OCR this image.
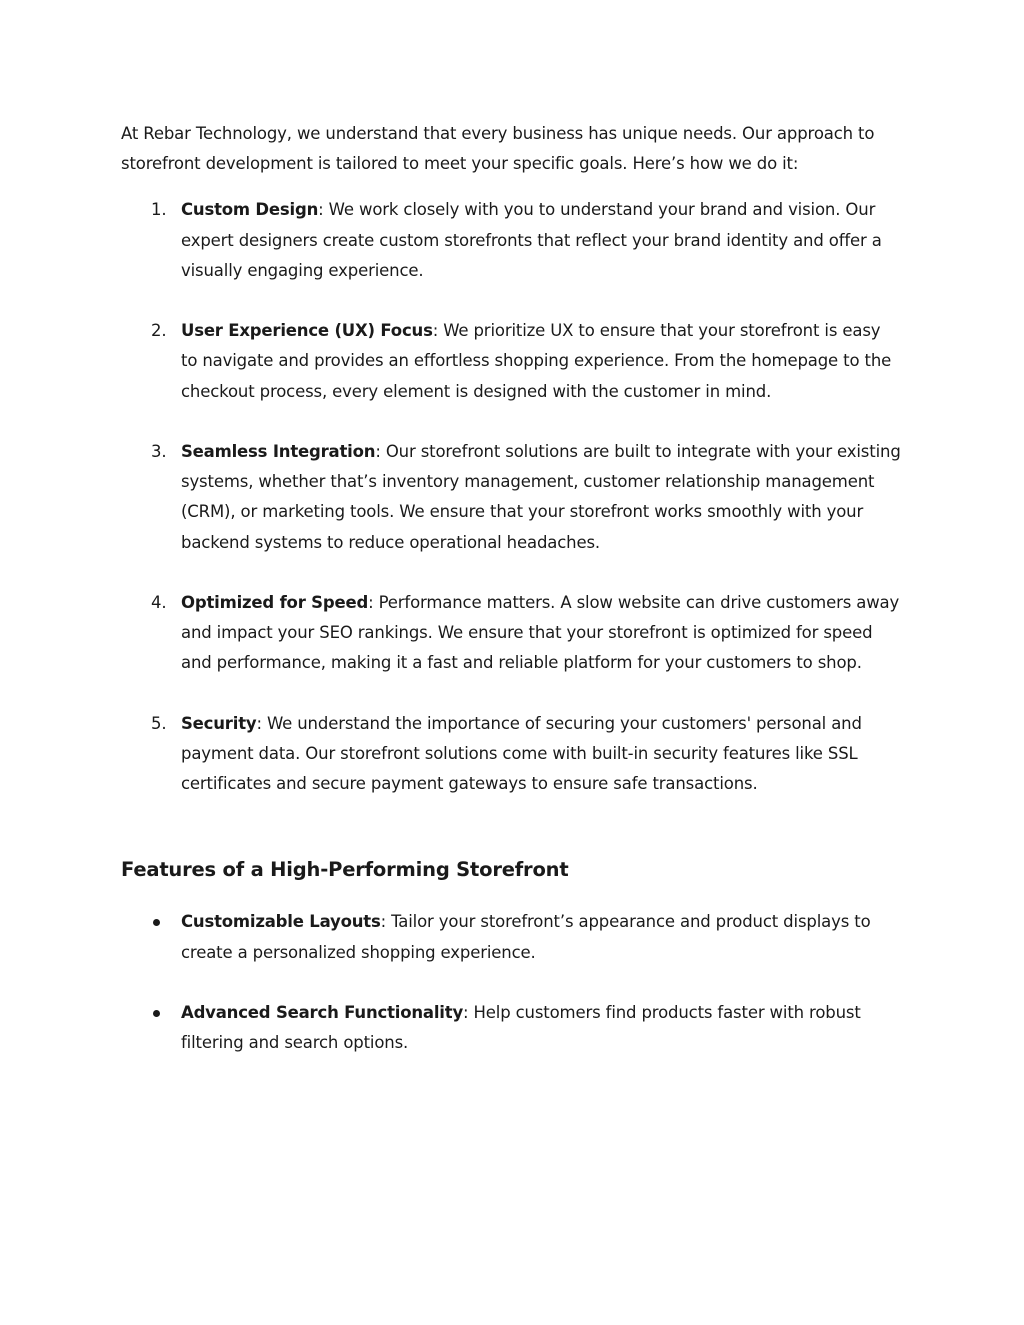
At Rebar Technology, we understand that every business has unique needs. Our approach to storefront development is tailored to meet your specific goals. Here’s how we do it:

1. Custom Design: We work closely with you to understand your brand and vision. Our expert designers create custom storefronts that reflect your brand identity and offer a visually engaging experience.
2. User Experience (UX) Focus: We prioritize UX to ensure that your storefront is easy to navigate and provides an effortless shopping experience. From the homepage to the checkout process, every element is designed with the customer in mind.
3. Seamless Integration: Our storefront solutions are built to integrate with your existing systems, whether that’s inventory management, customer relationship management (CRM), or marketing tools. We ensure that your storefront works smoothly with your backend systems to reduce operational headaches.
4. Optimized for Speed: Performance matters. A slow website can drive customers away and impact your SEO rankings. We ensure that your storefront is optimized for speed and performance, making it a fast and reliable platform for your customers to shop.
5. Security: We understand the importance of securing your customers' personal and payment data. Our storefront solutions come with built-in security features like SSL certificates and secure payment gateways to ensure safe transactions.
Features of a High-Performing Storefront
Customizable Layouts: Tailor your storefront’s appearance and product displays to create a personalized shopping experience.
Advanced Search Functionality: Help customers find products faster with robust filtering and search options.
